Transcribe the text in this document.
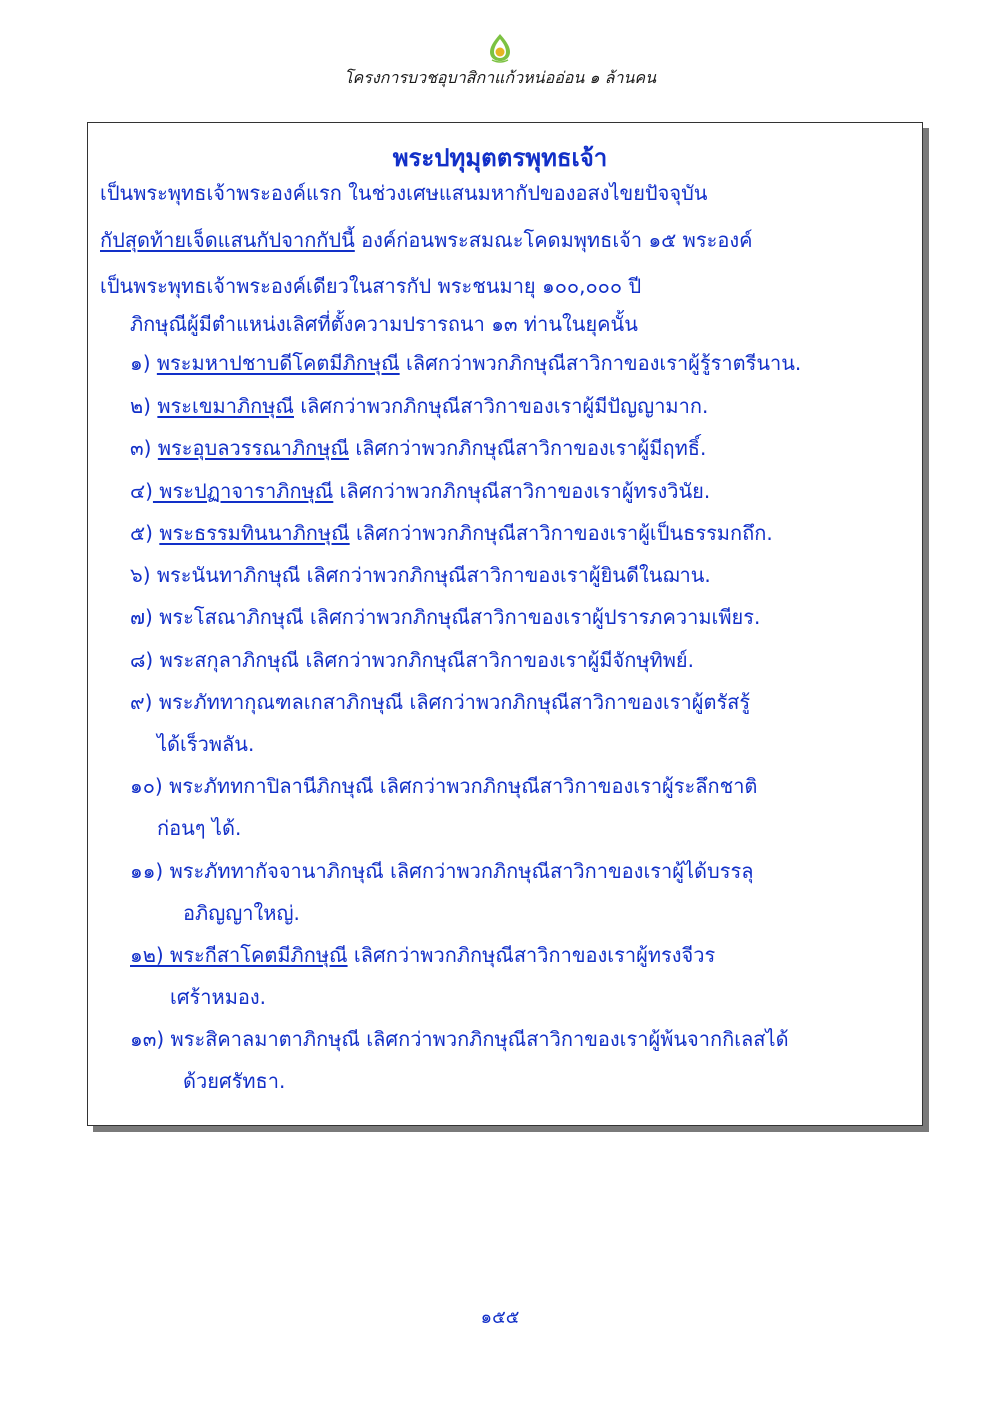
โครงการบวชอุบาสิกาแก้วหน่ออ่อน ๑ ล้านคน
พระปทุมุตตรพุทธเจ้า
เป็นพระพุทธเจ้าพระองค์แรก ในช่วงเศษแสนมหากัปของอสงไขยปัจจุบัน
กัปสุดท้ายเจ็ดแสนกัปจากกัปนี้ องค์ก่อนพระสมณะโคดมพุทธเจ้า ๑๕ พระองค์
เป็นพระพุทธเจ้าพระองค์เดียวในสารกัป พระชนมายุ ๑๐๐,๐๐๐ ปี
ภิกษุณีผู้มีตำแหน่งเลิศที่ตั้งความปรารถนา ๑๓ ท่านในยุคนั้น
๑) พระมหาปชาบดีโคตมีภิกษุณี เลิศกว่าพวกภิกษุณีสาวิกาของเราผู้รู้ราตรีนาน.
๒) พระเขมาภิกษุณี เลิศกว่าพวกภิกษุณีสาวิกาของเราผู้มีปัญญามาก.
๓) พระอุบลวรรณาภิกษุณี เลิศกว่าพวกภิกษุณีสาวิกาของเราผู้มีฤทธิ์.
๔) พระปฏาจาราภิกษุณี เลิศกว่าพวกภิกษุณีสาวิกาของเราผู้ทรงวินัย.
๕) พระธรรมทินนาภิกษุณี เลิศกว่าพวกภิกษุณีสาวิกาของเราผู้เป็นธรรมกถึก.
๖) พระนันทาภิกษุณี เลิศกว่าพวกภิกษุณีสาวิกาของเราผู้ยินดีในฌาน.
๗) พระโสณาภิกษุณี เลิศกว่าพวกภิกษุณีสาวิกาของเราผู้ปรารภความเพียร.
๘) พระสกุลาภิกษุณี เลิศกว่าพวกภิกษุณีสาวิกาของเราผู้มีจักษุทิพย์.
๙) พระภัททากุณฑลเกสาภิกษุณี เลิศกว่าพวกภิกษุณีสาวิกาของเราผู้ตรัสรู้
ได้เร็วพลัน.
๑๐) พระภัททกาปิลานีภิกษุณี เลิศกว่าพวกภิกษุณีสาวิกาของเราผู้ระลึกชาติ
ก่อนๆ ได้.
๑๑) พระภัททากัจจานาภิกษุณี เลิศกว่าพวกภิกษุณีสาวิกาของเราผู้ได้บรรลุ
อภิญญาใหญ่.
๑๒) พระกีสาโคตมีภิกษุณี เลิศกว่าพวกภิกษุณีสาวิกาของเราผู้ทรงจีวร
เศร้าหมอง.
๑๓) พระสิคาลมาตาภิกษุณี เลิศกว่าพวกภิกษุณีสาวิกาของเราผู้พ้นจากกิเลสได้
ด้วยศรัทธา.
๑๕๕
